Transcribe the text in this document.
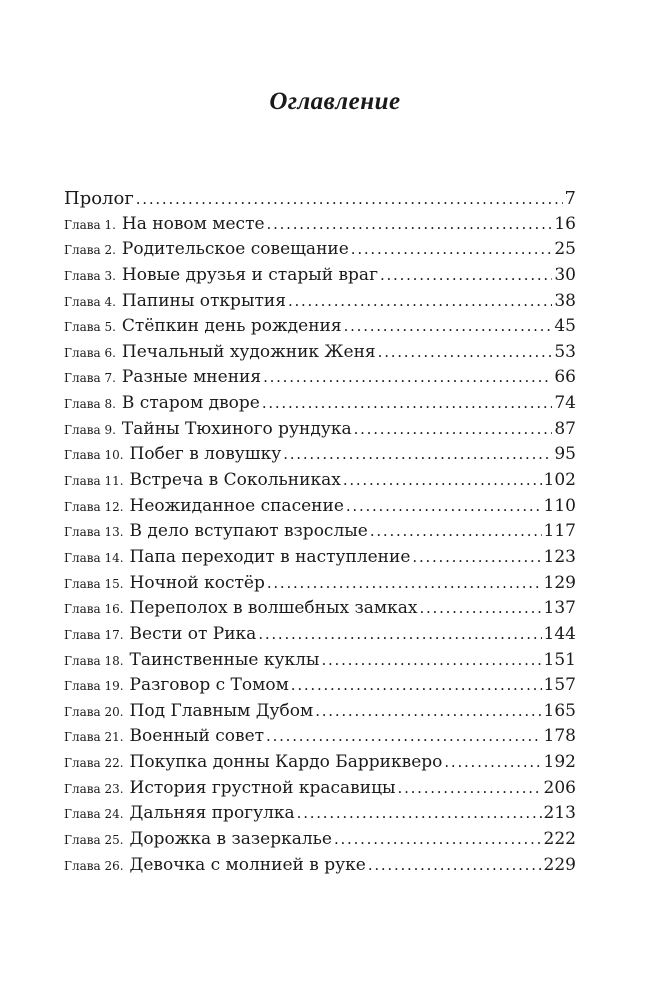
Оглавление
Пролог . . .	7
Глава 1. На новом месте . . .	16
Глава 2. Родительское совещание . . .	25
Глава 3. Новые друзья и старый враг . . .	30
Глава 4. Папины открытия . . .	38
Глава 5. Стёпкин день рождения . . .	45
Глава 6. Печальный художник Женя . . .	53
Глава 7. Разные мнения . . .	66
Глава 8. В старом дворе . . .	74
Глава 9. Тайны Тюхиного рундука . . .	87
Глава 10. Побег в ловушку . . .	95
Глава 11. Встреча в Сокольниках . . .	102
Глава 12. Неожиданное спасение . . .	110
Глава 13. В дело вступают взрослые . . .	117
Глава 14. Папа переходит в наступление . . .	123
Глава 15. Ночной костёр . . .	129
Глава 16. Переполох в волшебных замках . . .	137
Глава 17. Вести от Рика . . .	144
Глава 18. Таинственные куклы . . .	151
Глава 19. Разговор с Томом . . .	157
Глава 20. Под Главным Дубом . . .	165
Глава 21. Военный совет . . .	178
Глава 22. Покупка донны Кардо Баррикверо . . .	192
Глава 23. История грустной красавицы . . .	206
Глава 24. Дальняя прогулка . . .	213
Глава 25. Дорожка в зазеркалье . . .	222
Глава 26. Девочка с молнией в руке . . .	229
